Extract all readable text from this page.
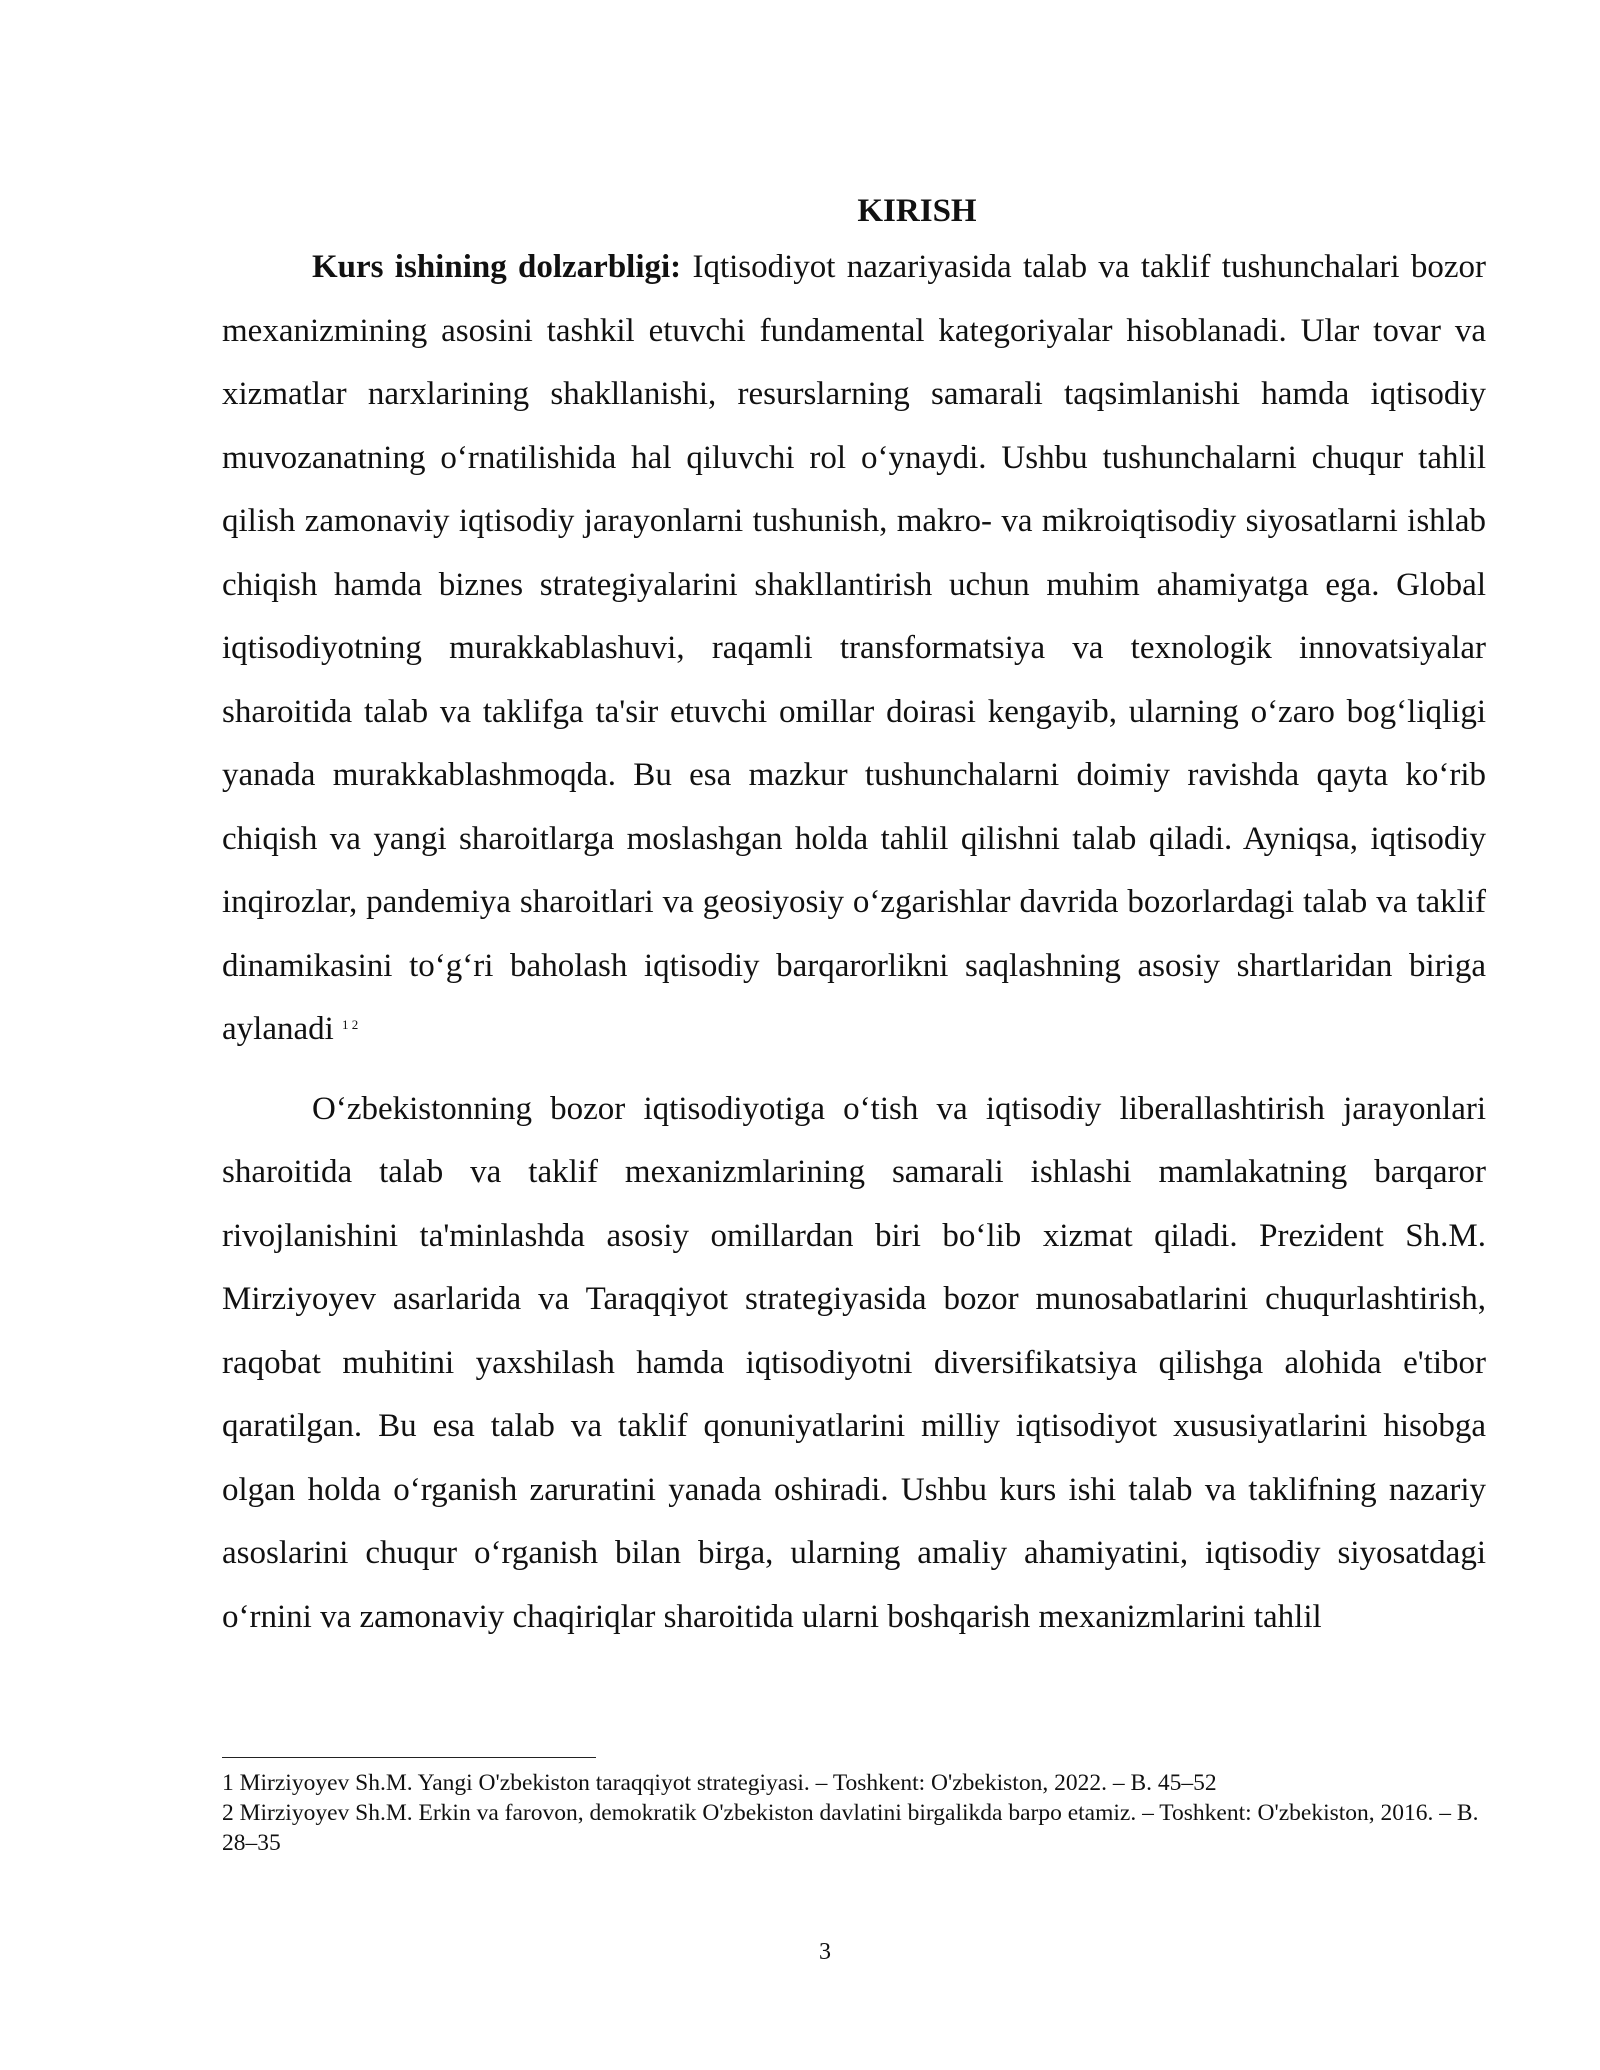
KIRISH

Kurs ishining dolzarbligi: Iqtisodiyot nazariyasida talab va taklif tushunchalari bozor mexanizmining asosini tashkil etuvchi fundamental kategoriyalar hisoblanadi. Ular tovar va xizmatlar narxlarining shakllanishi, resurslarning samarali taqsimlanishi hamda iqtisodiy muvozanatning o‘rnatilishida hal qiluvchi rol o‘ynaydi. Ushbu tushunchalarni chuqur tahlil qilish zamonaviy iqtisodiy jarayonlarni tushunish, makro- va mikroiqtisodiy siyosatlarni ishlab chiqish hamda biznes strategiyalarini shakllantirish uchun muhim ahamiyatga ega. Global iqtisodiyotning murakkablashuvi, raqamli transformatsiya va texnologik innovatsiyalar sharoitida talab va taklifga ta'sir etuvchi omillar doirasi kengayib, ularning o‘zaro bog‘liqligi yanada murakkablashmoqda. Bu esa mazkur tushunchalarni doimiy ravishda qayta ko‘rib chiqish va yangi sharoitlarga moslashgan holda tahlil qilishni talab qiladi. Ayniqsa, iqtisodiy inqirozlar, pandemiya sharoitlari va geosiyosiy o‘zgarishlar davrida bozorlardagi talab va taklif dinamikasini to‘g‘ri baholash iqtisodiy barqarorlikni saqlashning asosiy shartlaridan biriga aylanadi $^{1 2}$

O‘zbekistonning bozor iqtisodiyotiga o‘tish va iqtisodiy liberallashtirish jarayonlari sharoitida talab va taklif mexanizmlarining samarali ishlashi mamlakatning barqaror rivojlanishini ta'minlashda asosiy omillardan biri bo‘lib xizmat qiladi. Prezident Sh.M. Mirziyoyev asarlarida va Taraqqiyot strategiyasida bozor munosabatlarini chuqurlashtirish, raqobat muhitini yaxshilash hamda iqtisodiyotni diversifikatsiya qilishga alohida e'tibor qaratilgan. Bu esa talab va taklif qonuniyatlarini milliy iqtisodiyot xususiyatlarini hisobga olgan holda o‘rganish zaruratini yanada oshiradi. Ushbu kurs ishi talab va taklifning nazariy asoslarini chuqur o‘rganish bilan birga, ularning amaliy ahamiyatini, iqtisodiy siyosatdagi o‘rnini va zamonaviy chaqiriqlar sharoitida ularni boshqarish mexanizmlarini tahlil

1 Mirziyoyev Sh.M. Yangi O'zbekiston taraqqiyot strategiyasi. – Toshkent: O'zbekiston, 2022. – B. 45–52

2 Mirziyoyev Sh.M. Erkin va farovon, demokratik O'zbekiston davlatini birgalikda barpo etamiz. – Toshkent: O'zbekiston, 2016. – B. 28–35

3
